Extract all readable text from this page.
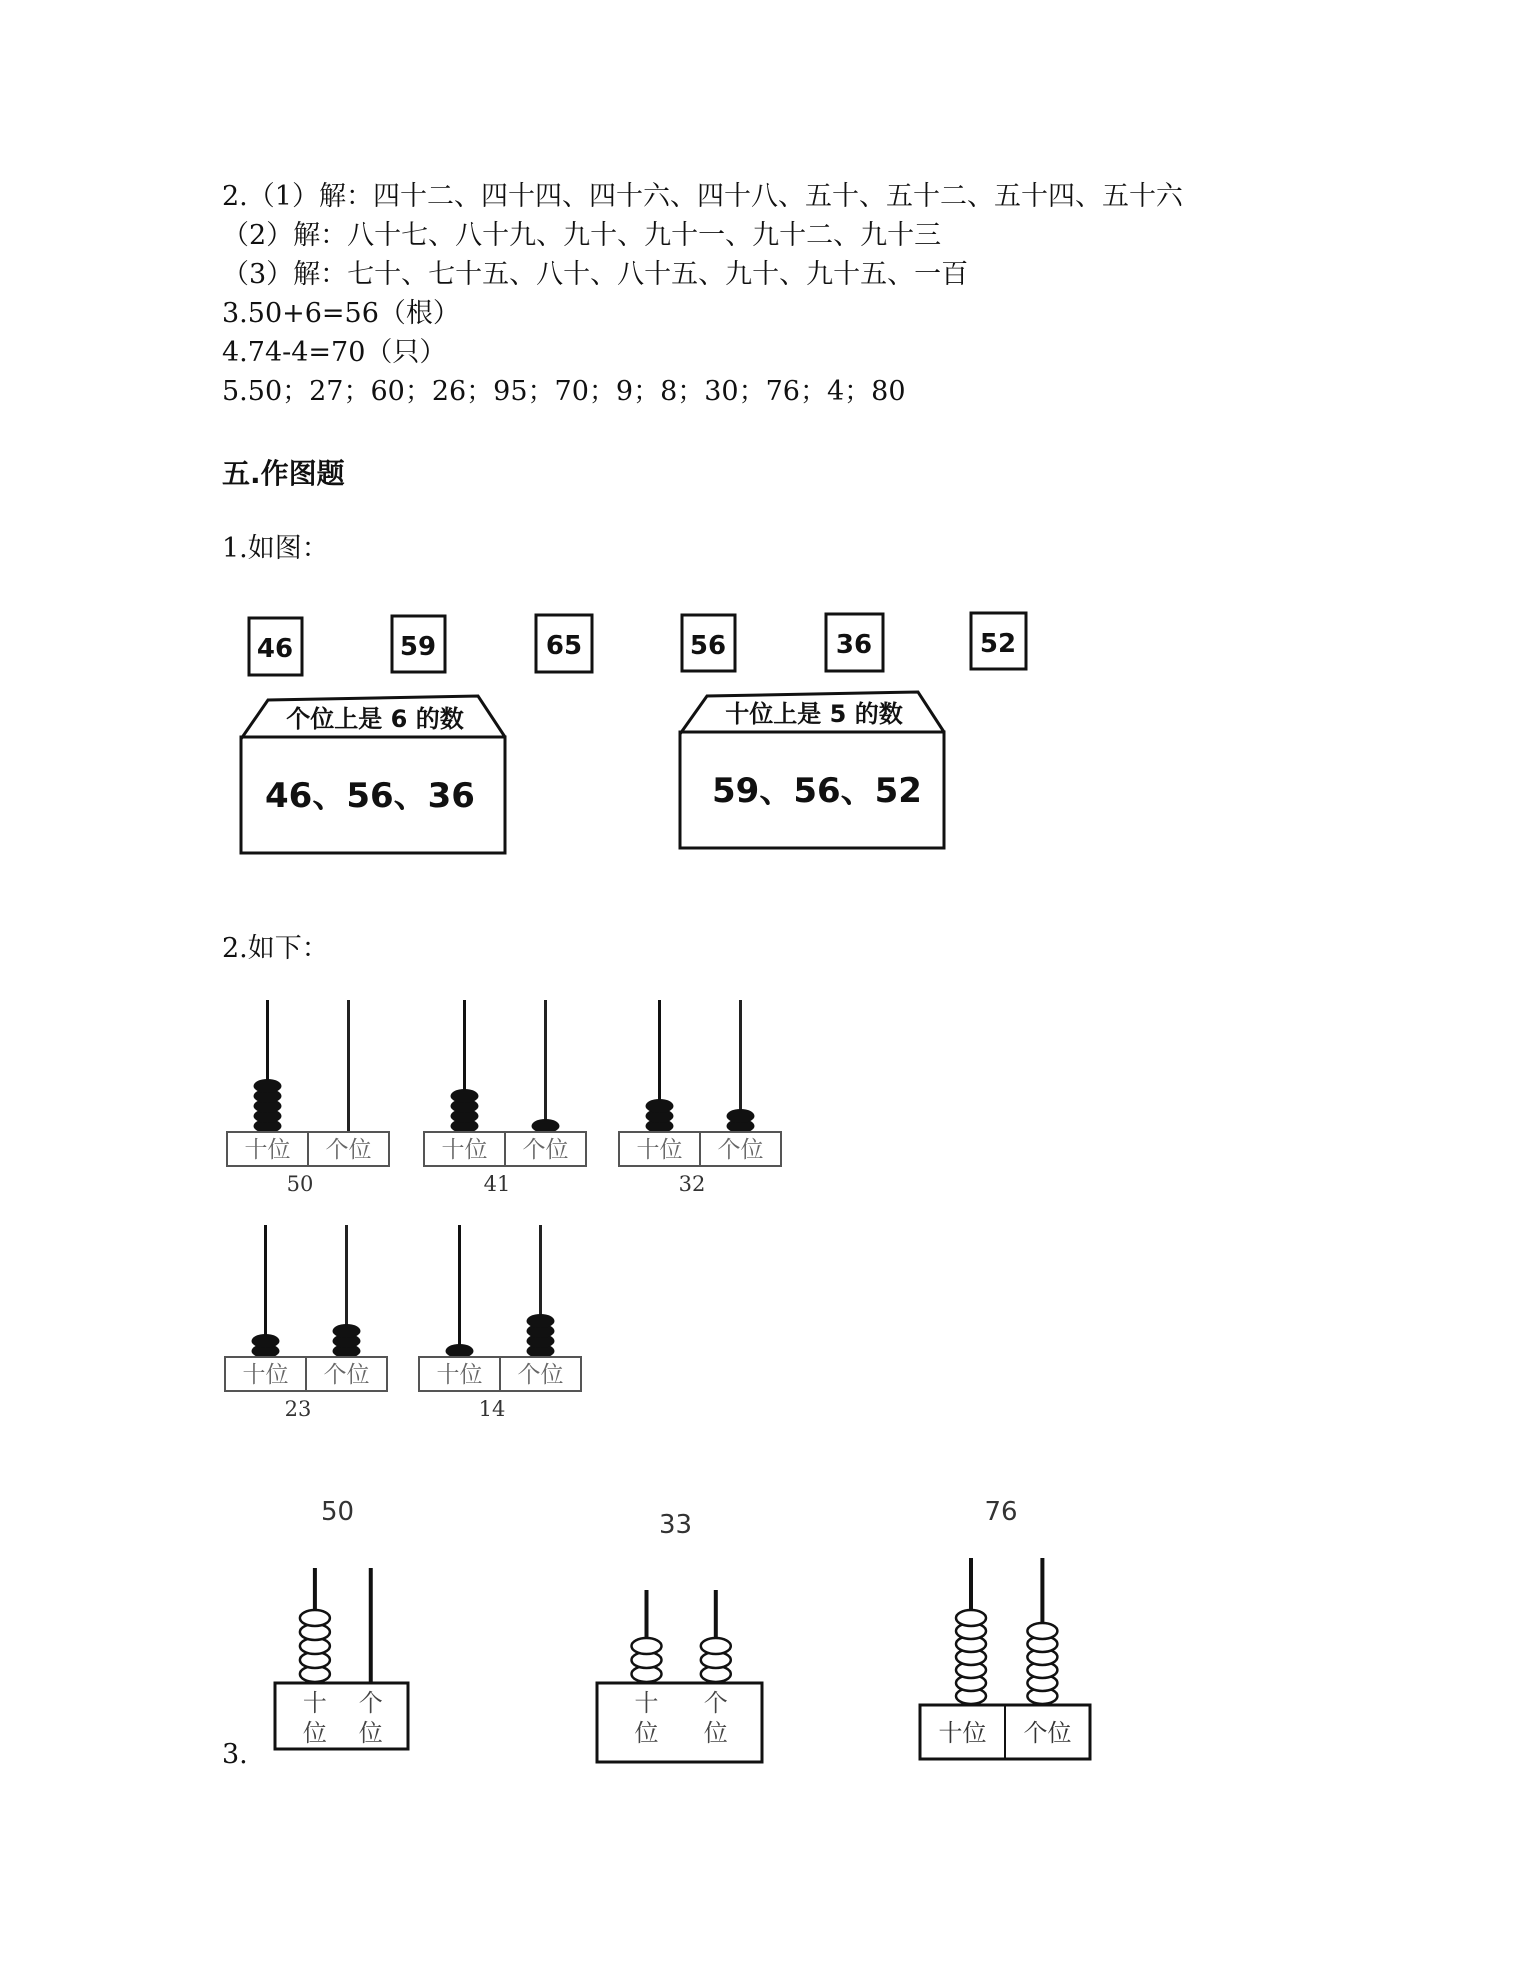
2.（1）解：四十二、四十四、四十六、四十八、五十、五十二、五十四、五十六
（2）解：八十七、八十九、九十、九十一、九十二、九十三
（3）解：七十、七十五、八十、八十五、九十、九十五、一百
3.50+6=56（根）
4.74-4=70（只）
5.50；27；60；26；95；70；9；8；30；76；4；80
五.作图题
1.如图：
46	59	65	56	36	52
个位上是 6 的数
46、56、36
十位上是 5 的数
59、56、52
2.如下：
十位 个位
50
十位 个位
41
十位 个位
32
十位 个位
23
十位 个位
14
3.
50
十
位
个
位
33
十
位
个
位
76
十位 个位
